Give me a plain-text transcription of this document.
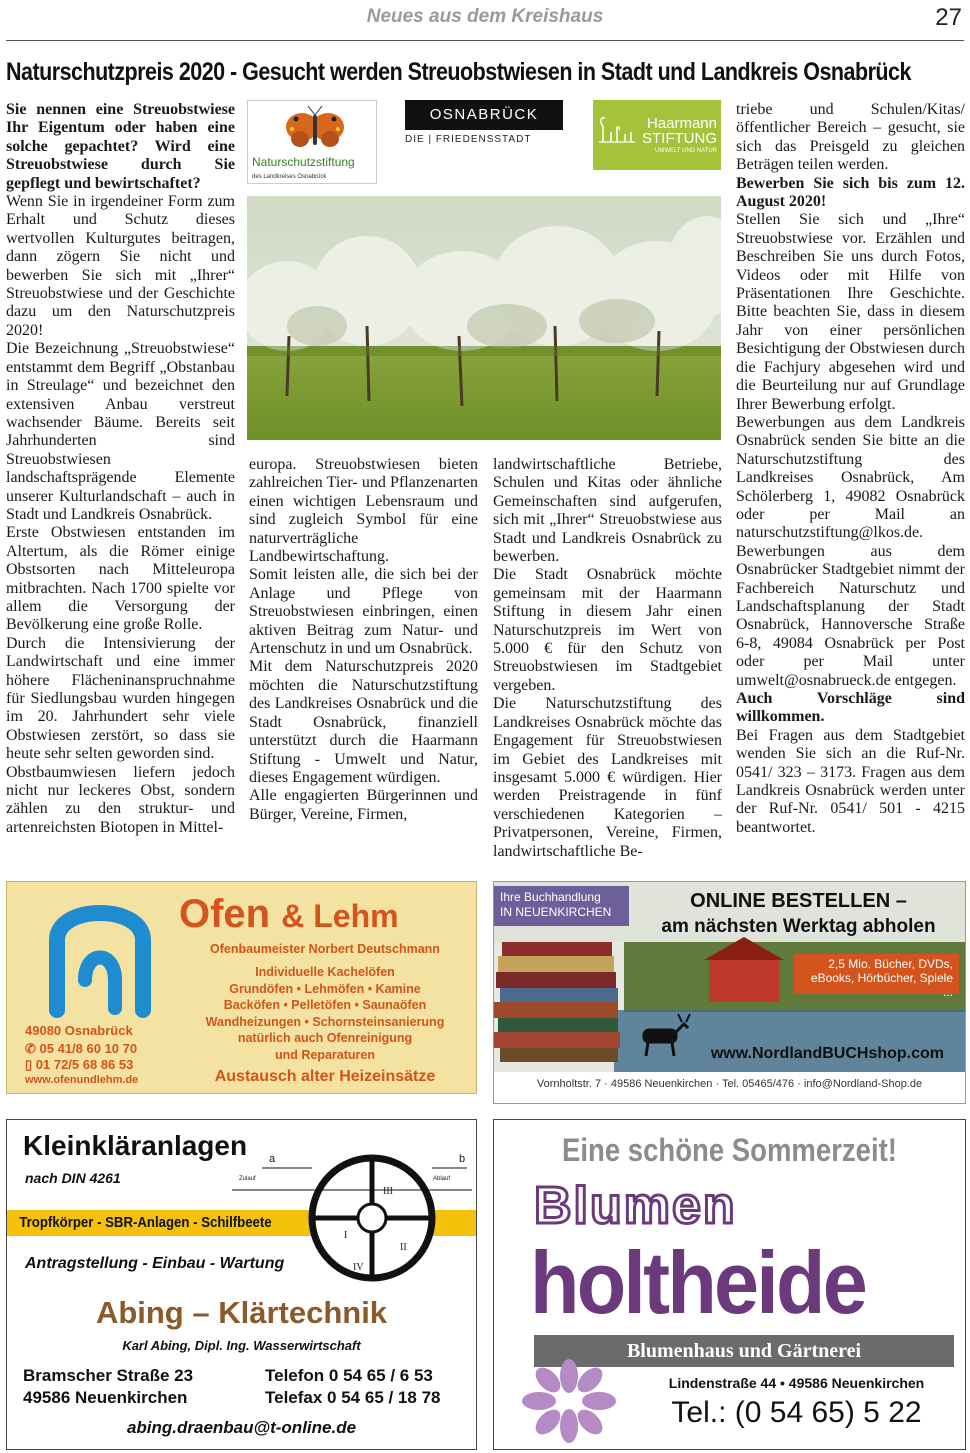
Neues aus dem Kreishaus	27
Naturschutzpreis 2020 - Gesucht werden Streuobstwiesen in Stadt und Landkreis Osnabrück

Sie nennen eine Streuobstwiese Ihr Eigentum oder haben eine solche gepachtet? Wird eine Streuobstwiese durch Sie gepflegt und bewirtschaftet?

Wenn Sie in irgendeiner Form zum Erhalt und Schutz dieses wertvollen Kulturgutes beitragen, dann zögern Sie nicht und bewerben Sie sich mit „Ihrer“ Streuobstwiese und der Geschichte dazu um den Naturschutzpreis 2020!

Die Bezeichnung „Streuobstwiese“ entstammt dem Begriff „Obstanbau in Streulage“ und bezeichnet den extensiven Anbau verstreut wachsender Bäume. Bereits seit Jahrhunderten sind Streuobstwiesen landschaftsprägende Elemente unserer Kulturlandschaft – auch in Stadt und Landkreis Osnabrück.

Erste Obstwiesen entstanden im Altertum, als die Römer einige Obstsorten nach Mitteleuropa mitbrachten. Nach 1700 spielte vor allem die Versorgung der Bevölkerung eine große Rolle.

Durch die Intensivierung der Landwirtschaft und eine immer höhere Flächeninanspruchnahme für Siedlungsbau wurden hingegen im 20. Jahrhundert sehr viele Obstwiesen zerstört, so dass sie heute sehr selten geworden sind.

Obstbaumwiesen liefern jedoch nicht nur leckeres Obst, sondern zählen zu den struktur- und artenreichsten Biotopen in Mittel-

Naturschutzstiftung
des Landkreises Osnabrück
OSNABRÜCK
DIE | FRIEDENSSTADT
Haarmann
STIFTUNG
UMWELT UND NATUR

europa. Streuobstwiesen bieten zahlreichen Tier- und Pflanzenarten einen wichtigen Lebensraum und sind zugleich Symbol für eine naturverträgliche Landbewirtschaftung.

Somit leisten alle, die sich bei der Anlage und Pflege von Streuobstwiesen einbringen, einen aktiven Beitrag zum Natur- und Artenschutz in und um Osnabrück.

Mit dem Naturschutzpreis 2020 möchten die Naturschutzstiftung des Landkreises Osnabrück und die Stadt Osnabrück, finanziell unterstützt durch die Haarmann Stiftung - Umwelt und Natur, dieses Engagement würdigen.

Alle engagierten Bürgerinnen und Bürger, Vereine, Firmen,

landwirtschaftliche Betriebe, Schulen und Kitas oder ähnliche Gemeinschaften sind aufgerufen, sich mit „Ihrer“ Streuobstwiese aus Stadt und Landkreis Osnabrück zu bewerben.

Die Stadt Osnabrück möchte gemeinsam mit der Haarmann Stiftung in diesem Jahr einen Naturschutzpreis im Wert von 5.000 € für den Schutz von Streuobstwiesen im Stadtgebiet vergeben.

Die Naturschutzstiftung des Landkreises Osnabrück möchte das Engagement für Streuobstwiesen im Gebiet des Landkreises mit insgesamt 5.000 € würdigen. Hier werden Preistragende in fünf verschiedenen Kategorien – Privatpersonen, Vereine, Firmen, landwirtschaftliche Be-

triebe und Schulen/Kitas/öffentlicher Bereich – gesucht, sie sich das Preisgeld zu gleichen Beträgen teilen werden.

Bewerben Sie sich bis zum 12. August 2020!

Stellen Sie sich und „Ihre“ Streuobstwiese vor. Erzählen und Beschreiben Sie uns durch Fotos, Videos oder mit Hilfe von Präsentationen Ihre Geschichte. Bitte beachten Sie, dass in diesem Jahr von einer persönlichen Besichtigung der Obstwiesen durch die Fachjury abgesehen wird und die Beurteilung nur auf Grundlage Ihrer Bewerbung erfolgt.

Bewerbungen aus dem Landkreis Osnabrück senden Sie bitte an die Naturschutzstiftung des Landkreises Osnabrück, Am Schölerberg 1, 49082 Osnabrück oder per Mail an naturschutzstiftung@lkos.de.

Bewerbungen aus dem Osnabrücker Stadtgebiet nimmt der Fachbereich Naturschutz und Landschaftsplanung der Stadt Osnabrück, Hannoversche Straße 6-8, 49084 Osnabrück per Post oder per Mail unter umwelt@osnabrueck.de entgegen.

Auch Vorschläge sind willkommen.

Bei Fragen aus dem Stadtgebiet wenden Sie sich an die Ruf-Nr. 0541/ 323 – 3173. Fragen aus dem Landkreis Osnabrück werden unter der Ruf-Nr. 0541/ 501 - 4215 beantwortet.

49080 Osnabrück
✆ 05 41/8 60 10 70
▯ 01 72/5 68 86 53
www.ofenundlehm.de
Ofen & Lehm
Ofenbaumeister Norbert Deutschmann
Individuelle Kachelöfen
Grundöfen • Lehmöfen • Kamine
Backöfen • Pelletöfen • Saunaöfen
Wandheizungen • Schornsteinsanierung
natürlich auch Ofenreinigung
und Reparaturen
Austausch alter Heizeinsätze
Ihre Buchhandlung
IN NEUENKIRCHEN	ONLINE BESTELLEN –
am nächsten Werktag abholen
2,5 Mio. Bücher, DVDs,
eBooks, Hörbücher, Spiele ...
www.NordlandBUCHshop.com
Vornholtstr. 7 · 49586 Neuenkirchen · Tel. 05465/476 · info@Nordland-Shop.de
Kleinkläranlagen
nach DIN 4261
Tropfkörper - SBR-Anlagen - Schilfbeete
a	b
Zulauf	Ablauf
I
II
III
IV
Antragstellung - Einbau - Wartung
Abing – Klärtechnik
Karl Abing, Dipl. Ing. Wasserwirtschaft
Bramscher Straße 23
49586 Neuenkirchen
Telefon 0 54 65 / 6 53
Telefax 0 54 65 / 18 78
abing.draenbau@t-online.de
Eine schöne Sommerzeit!
Blumen
holtheide
Blumenhaus und Gärtnerei
Lindenstraße 44 • 49586 Neuenkirchen
Tel.: (0 54 65) 5 22
